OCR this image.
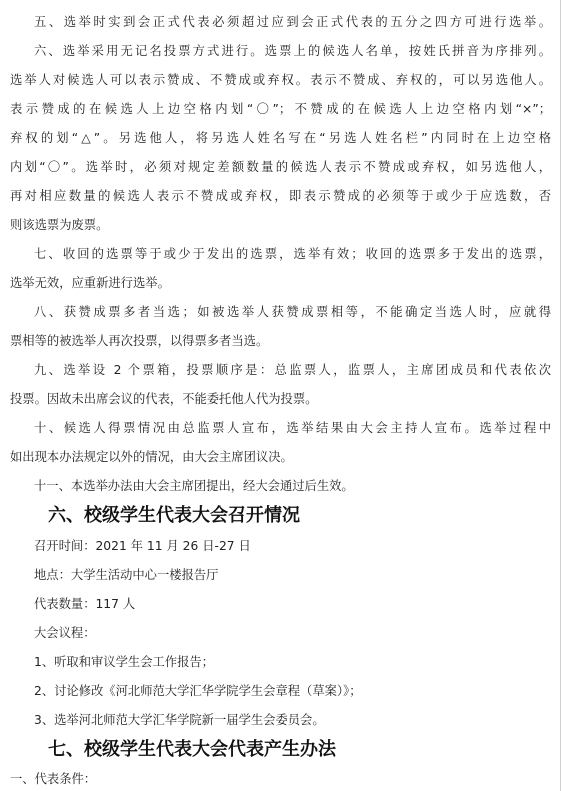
五、选举时实到会正式代表必须超过应到会正式代表的五分之四方可进行选举。
六、选举采用无记名投票方式进行。选票上的候选人名单，按姓氏拼音为序排列。
选举人对候选人可以表示赞成、不赞成或弃权。表示不赞成、弃权的，可以另选他人。
表示赞成的在候选人上边空格内划“〇”；不赞成的在候选人上边空格内划“×”；
弃权的划“△”。另选他人，将另选人姓名写在“另选人姓名栏”内同时在上边空格
内划“〇”。选举时，必须对规定差额数量的候选人表示不赞成或弃权，如另选他人，
再对相应数量的候选人表示不赞成或弃权，即表示赞成的必须等于或少于应选数，否
则该选票为废票。
七、收回的选票等于或少于发出的选票，选举有效；收回的选票多于发出的选票，
选举无效，应重新进行选举。
八、获赞成票多者当选；如被选举人获赞成票相等，不能确定当选人时，应就得
票相等的被选举人再次投票，以得票多者当选。
九、选举设 2 个票箱，投票顺序是：总监票人，监票人，主席团成员和代表依次
投票。因故未出席会议的代表，不能委托他人代为投票。
十、候选人得票情况由总监票人宣布，选举结果由大会主持人宣布。选举过程中
如出现本办法规定以外的情况，由大会主席团议决。
十一、本选举办法由大会主席团提出，经大会通过后生效。
六、校级学生代表大会召开情况
召开时间：2021 年 11 月 26 日-27 日
地点：大学生活动中心一楼报告厅
代表数量：117 人
大会议程：
1、听取和审议学生会工作报告；
2、讨论修改《河北师范大学汇华学院学生会章程（草案）》；
3、选举河北师范大学汇华学院新一届学生会委员会。
七、校级学生代表大会代表产生办法
一、代表条件：
